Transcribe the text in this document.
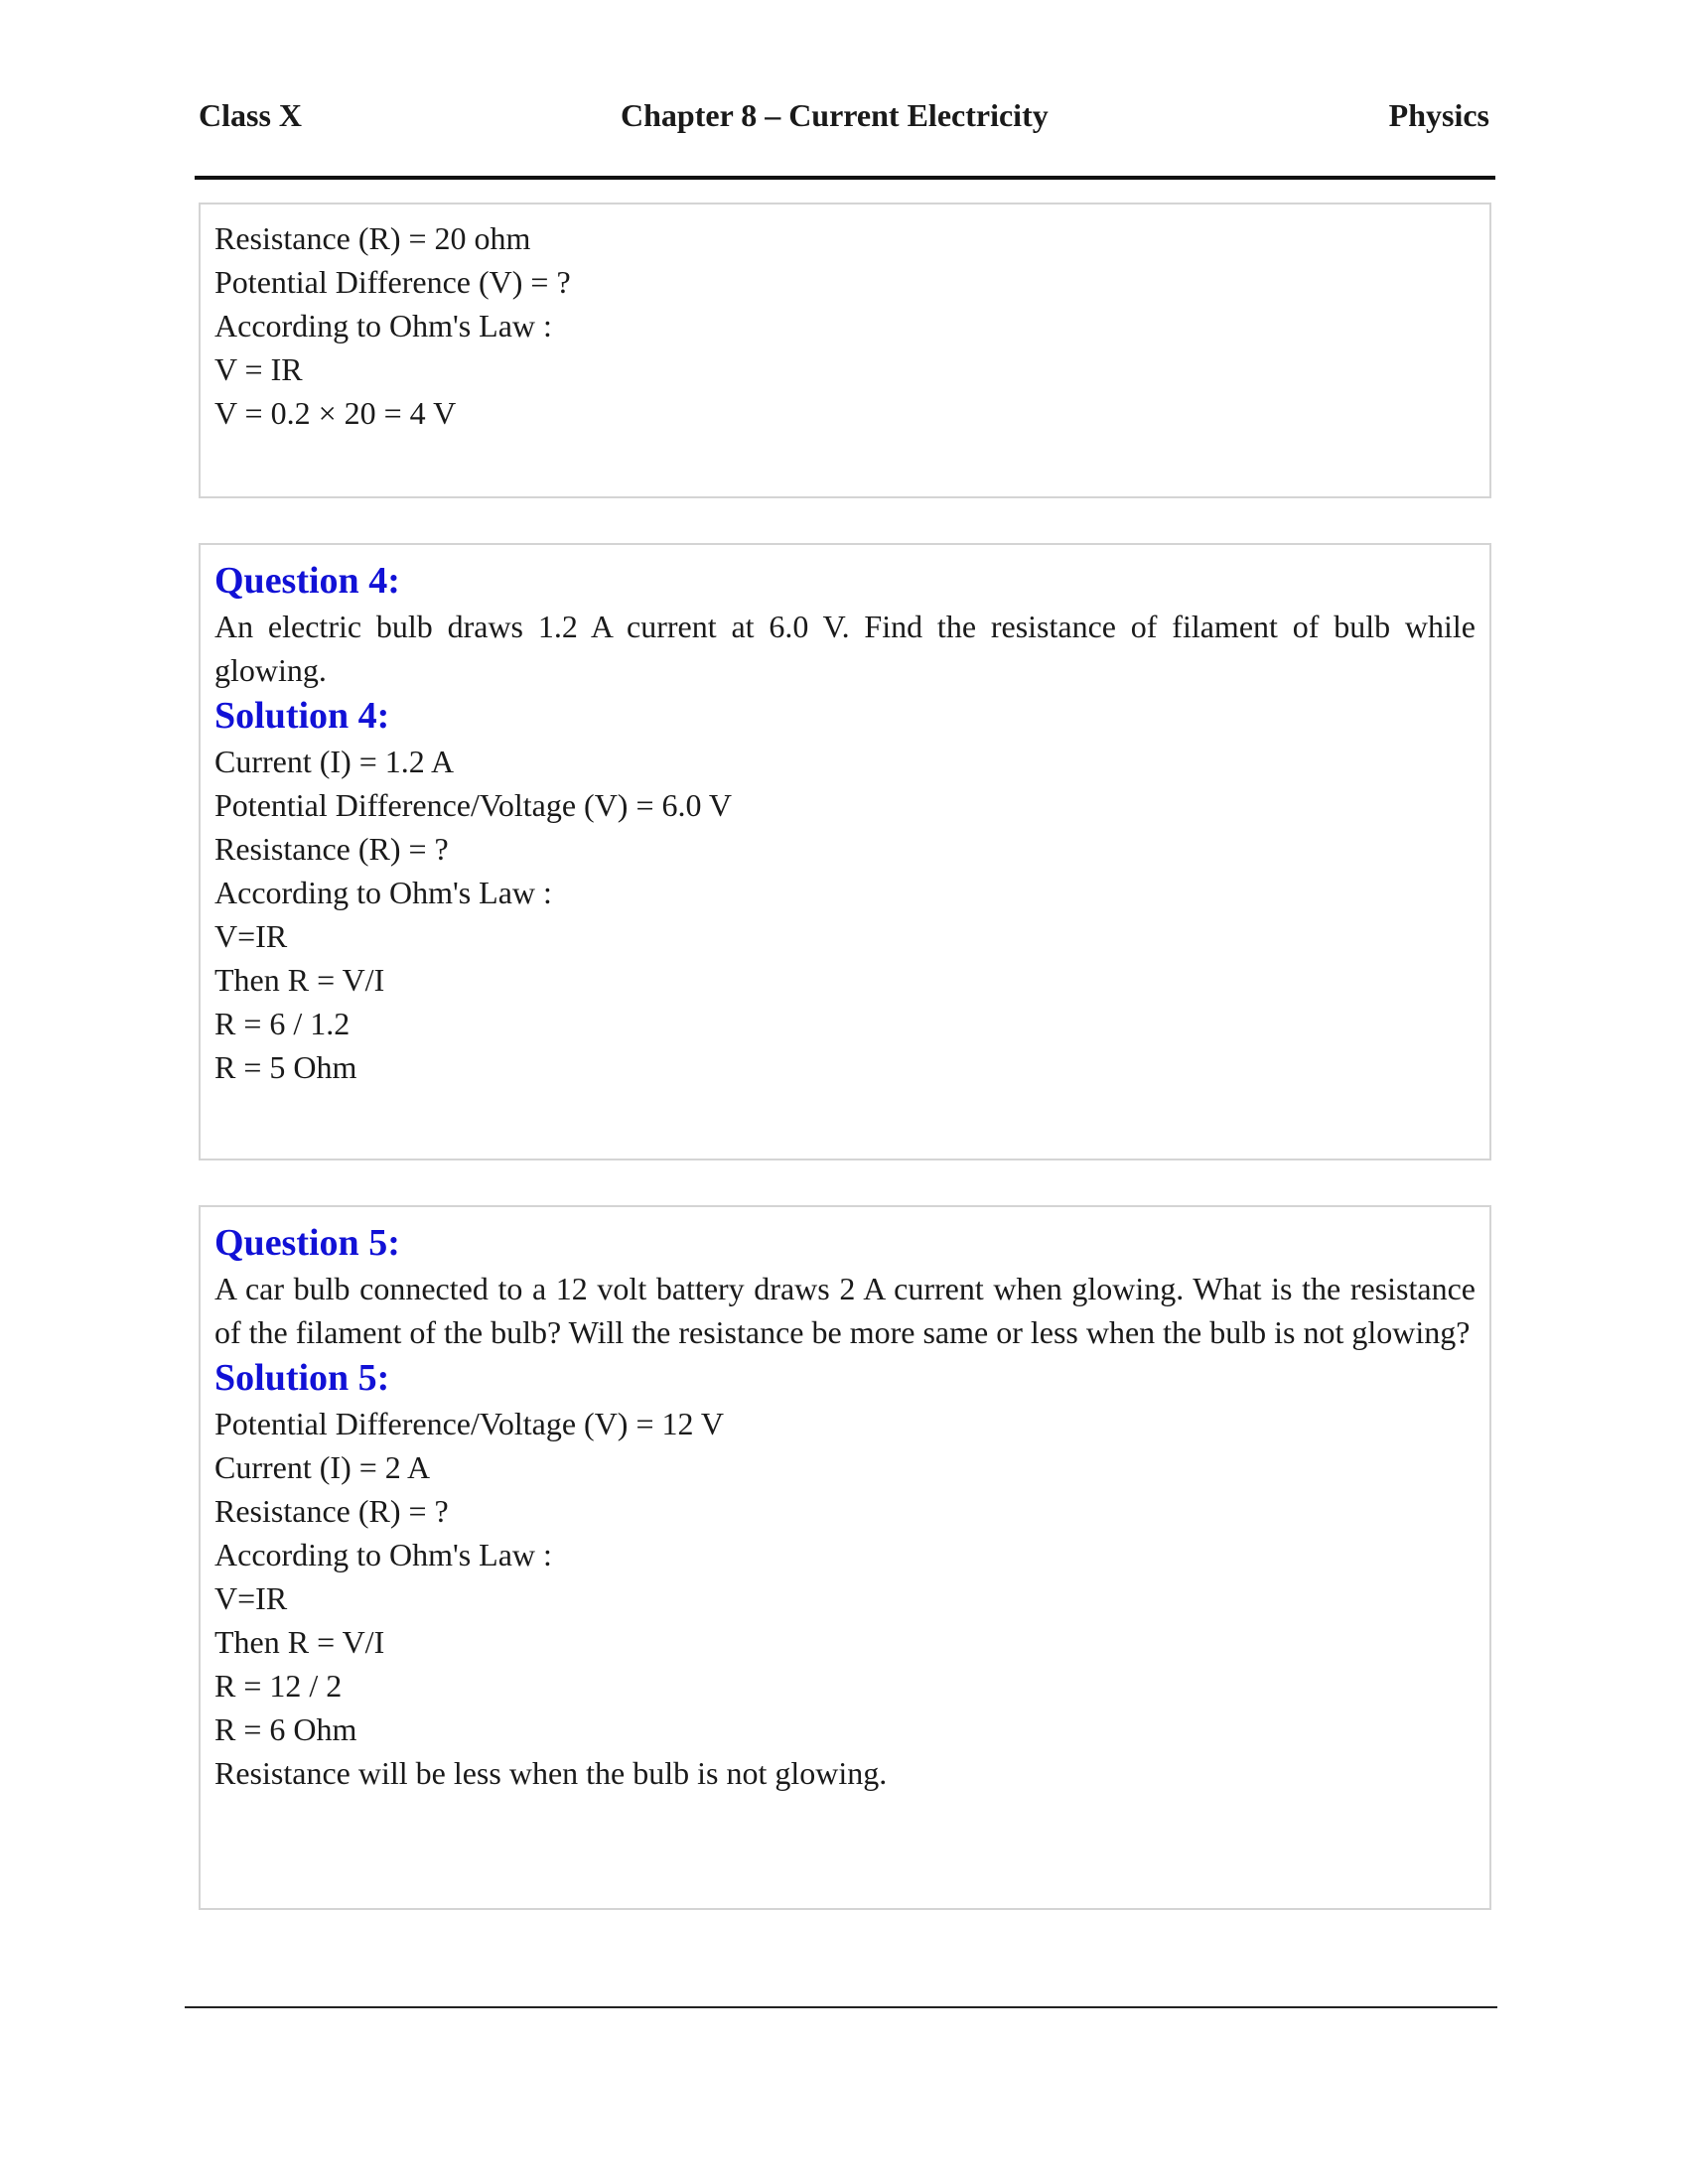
Class X	Chapter 8 – Current Electricity	Physics
Resistance (R) = 20 ohm
Potential Difference (V) = ?
According to Ohm's Law :
V = IR
V = 0.2 × 20 = 4 V
Question 4:
An electric bulb draws 1.2 A current at 6.0 V. Find the resistance of filament of bulb while glowing.
Solution 4:
Current (I) = 1.2 A
Potential Difference/Voltage (V) = 6.0 V
Resistance (R) = ?
According to Ohm's Law :
V=IR
Then R = V/I
R = 6 / 1.2
R = 5 Ohm
Question 5:
A car bulb connected to a 12 volt battery draws 2 A current when glowing. What is the resistance of the filament of the bulb? Will the resistance be more same or less when the bulb is not glowing?
Solution 5:
Potential Difference/Voltage (V) = 12 V
Current (I) = 2 A
Resistance (R) = ?
According to Ohm's Law :
V=IR
Then R = V/I
R = 12 / 2
R = 6 Ohm
Resistance will be less when the bulb is not glowing.
